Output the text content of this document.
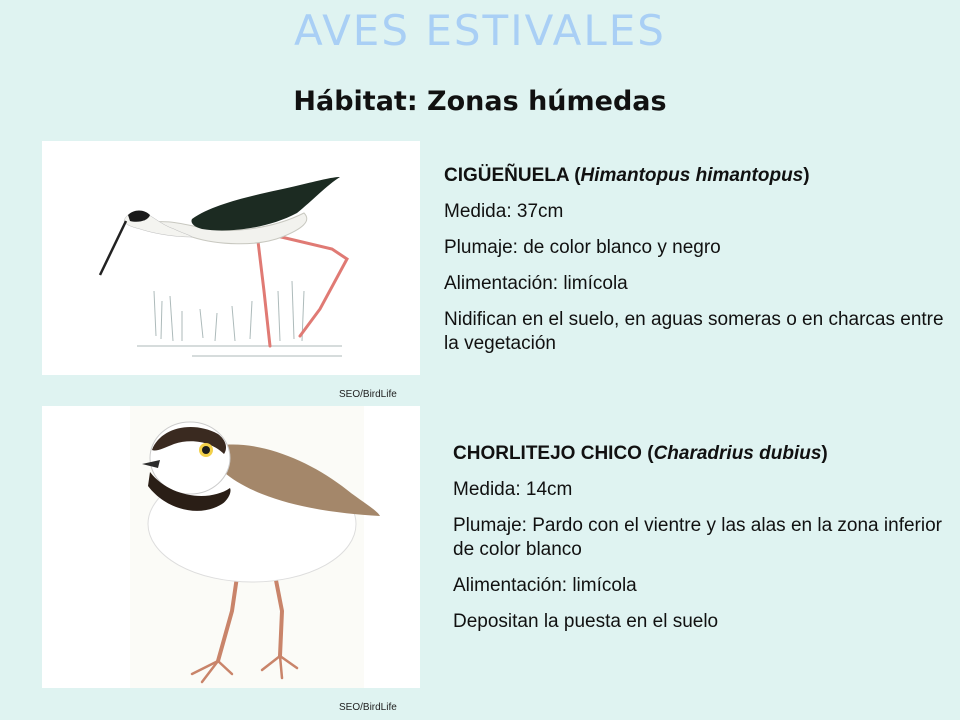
AVES ESTIVALES
Hábitat: Zonas húmedas
SEO/BirdLife

CIGÜEÑUELA (Himantopus himantopus)

Medida: 37cm

Plumaje: de color blanco y negro

Alimentación: limícola

Nidifican en el suelo, en aguas someras o en charcas entre la vegetación

SEO/BirdLife

CHORLITEJO CHICO (Charadrius dubius)

Medida: 14cm

Plumaje: Pardo con el vientre y las alas en la zona inferior de color blanco

Alimentación: limícola

Depositan la puesta en el suelo
